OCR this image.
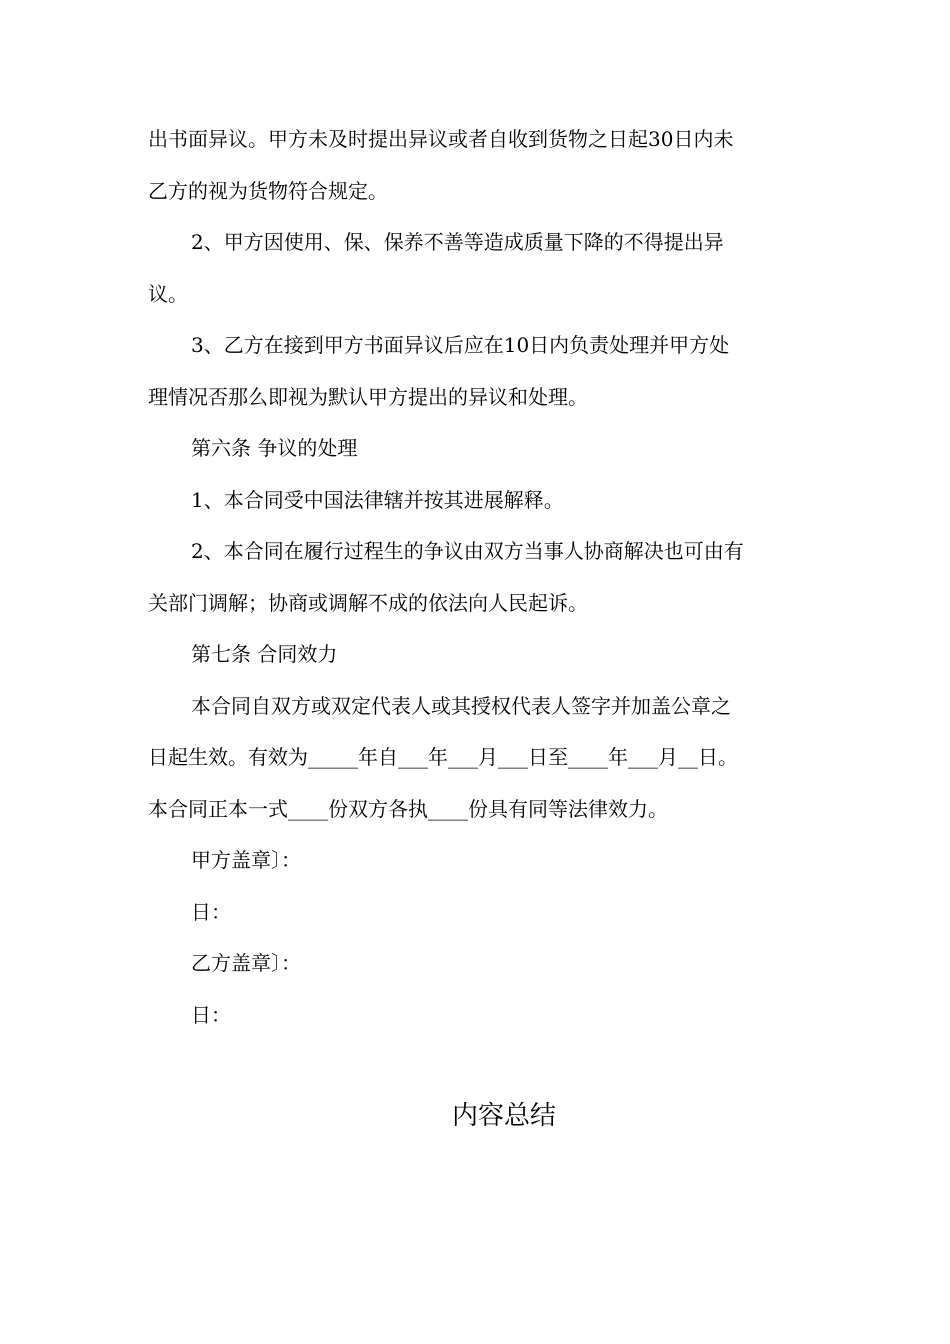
出书面异议。甲方未及时提出异议或者自收到货物之日起30日内未
乙方的视为货物符合规定。
2、甲方因使用、保、保养不善等造成质量下降的不得提出异
议。
3、乙方在接到甲方书面异议后应在10日内负责处理并甲方处
理情况否那么即视为默认甲方提出的异议和处理。
第六条 争议的处理
1、本合同受中国法律辖并按其进展解释。
2、本合同在履行过程生的争议由双方当事人协商解决也可由有
关部门调解；协商或调解不成的依法向人民起诉。
第七条 合同效力
本合同自双方或双定代表人或其授权代表人签字并加盖公章之
日起生效。有效为_____年自___年___月___日至____年___月__日。
本合同正本一式____份双方各执____份具有同等法律效力。
甲方盖章〕：
日：
乙方盖章〕：
日：
内容总结
